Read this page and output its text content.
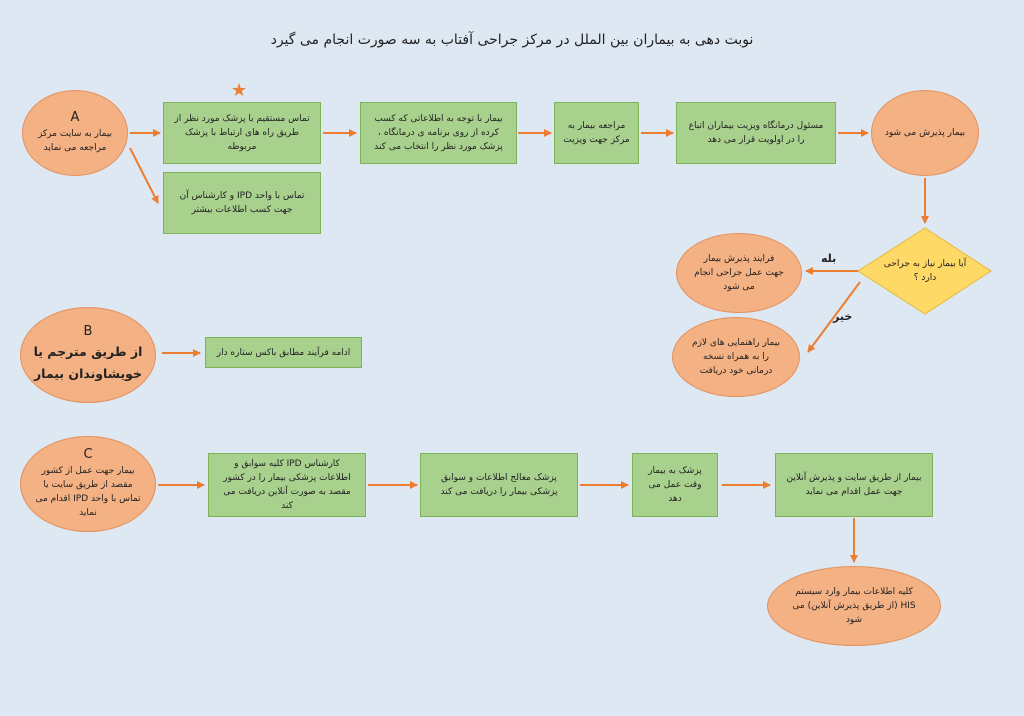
نوبت دهی به بیماران بین الملل در مرکز جراحی آفتاب به سه صورت انجام می گیرد
A
بیمار به سایت مرکز مراجعه می نماید
★
تماس مستقیم با پزشک مورد نظر از طریق راه های ارتباط با پزشک مربوطه
تماس با واحد IPD و کارشناس آن جهت کسب اطلاعات بیشتر
بیمار با توجه به اطلاعاتی که کسب کرده از روی برنامه ی درمانگاه ، پزشک مورد نظر را انتخاب می کند
مراجعه بیمار به مرکز جهت ویزیت
مسئول درمانگاه ویزیت بیماران اتباع را در اولویت قرار می دهد
بیمار پذیرش می شود
آیا بیمار نیاز به جراحی دارد ؟
بله
خیر
فرایند پذیرش بیمار جهت عمل جراحی انجام می شود
بیمار راهنمایی های لازم را به همراه نسخه درمانی خود دریافت
B
از طریق مترجم یا خویشاوندان بیمار
ادامه فرآیند مطابق باکس ستاره دار
C
بیمار جهت عمل از کشور مقصد از طریق سایت یا تماس با واحد IPD اقدام می نماید
کارشناس IPD کلیه سوابق و اطلاعات پزشکی بیمار را در کشور مقصد به صورت آنلاین دریافت می کند
پزشک معالج اطلاعات و سوابق پزشکی بیمار را دریافت می کند
پزشک به بیمار وقت عمل می دهد
بیمار از طریق سایت و پذیرش آنلاین جهت عمل اقدام می نماید
کلیه اطلاعات بیمار وارد سیستم HIS (از طریق پذیرش آنلاین) می شود
